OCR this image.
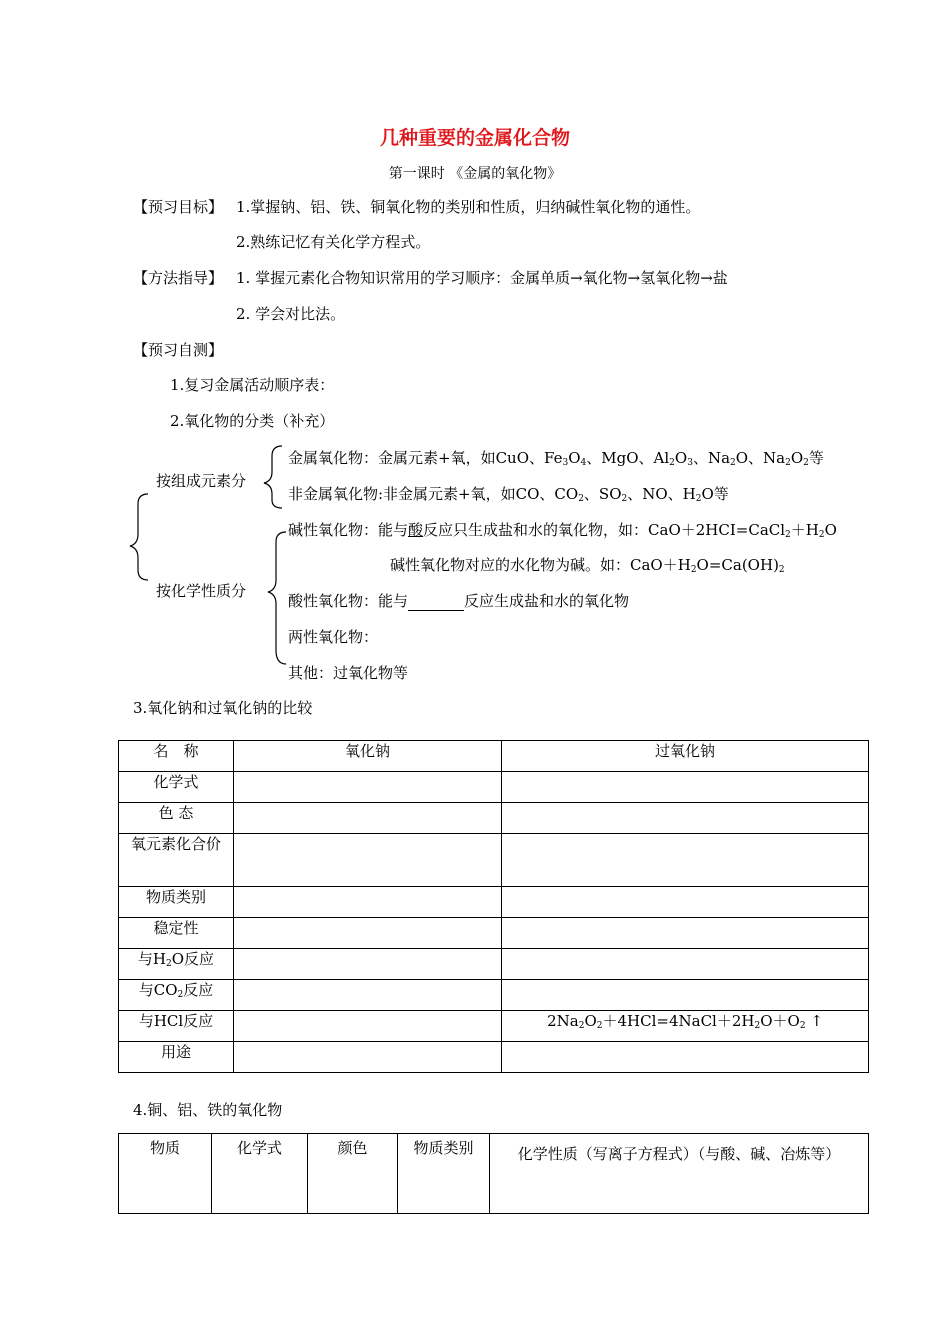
几种重要的金属化合物
第一课时 《金属的氧化物》
【预习目标】 1.掌握钠、铝、铁、铜氧化物的类别和性质，归纳碱性氧化物的通性。
2.熟练记忆有关化学方程式。
【方法指导】 1. 掌握元素化合物知识常用的学习顺序：金属单质→氧化物→氢氧化物→盐
2. 学会对比法。
【预习自测】
1.复习金属活动顺序表：
2.氧化物的分类（补充）
按组成元素分
按化学性质分
金属氧化物：金属元素+氧，如CuO、$Fe_3O_4$、MgO、$Al_2O_3$、$Na_2O$、$Na_2O_2$等
非金属氧化物:非金属元素+氧，如CO、$CO_2$、$SO_2$、NO、$H_2O$等
碱性氧化物：能与酸反应只生成盐和水的氧化物，如：$CaO+2HCI=CaCl_2+H_2O$
碱性氧化物对应的水化物为碱。如：$CaO+H_2O=Ca(OH)_2$
酸性氧化物：能与	反应生成盐和水的氧化物
两性氧化物：
其他：过氧化物等
3.氧化钠和过氧化钠的比较
名　称	氧化钠	过氧化钠
化学式		
色 态		
氧元素化合价		
物质类别		
稳定性		
与$H_2O$反应		
与$CO_2$反应		
与HCl反应		$2Na_2O_2+4HCl=4NaCl+2H_2O+O_2$ ↑
用途		
4.铜、铝、铁的氧化物
物质	化学式	颜色	物质类别	化学性质（写离子方程式）（与酸、碱、冶炼等）
